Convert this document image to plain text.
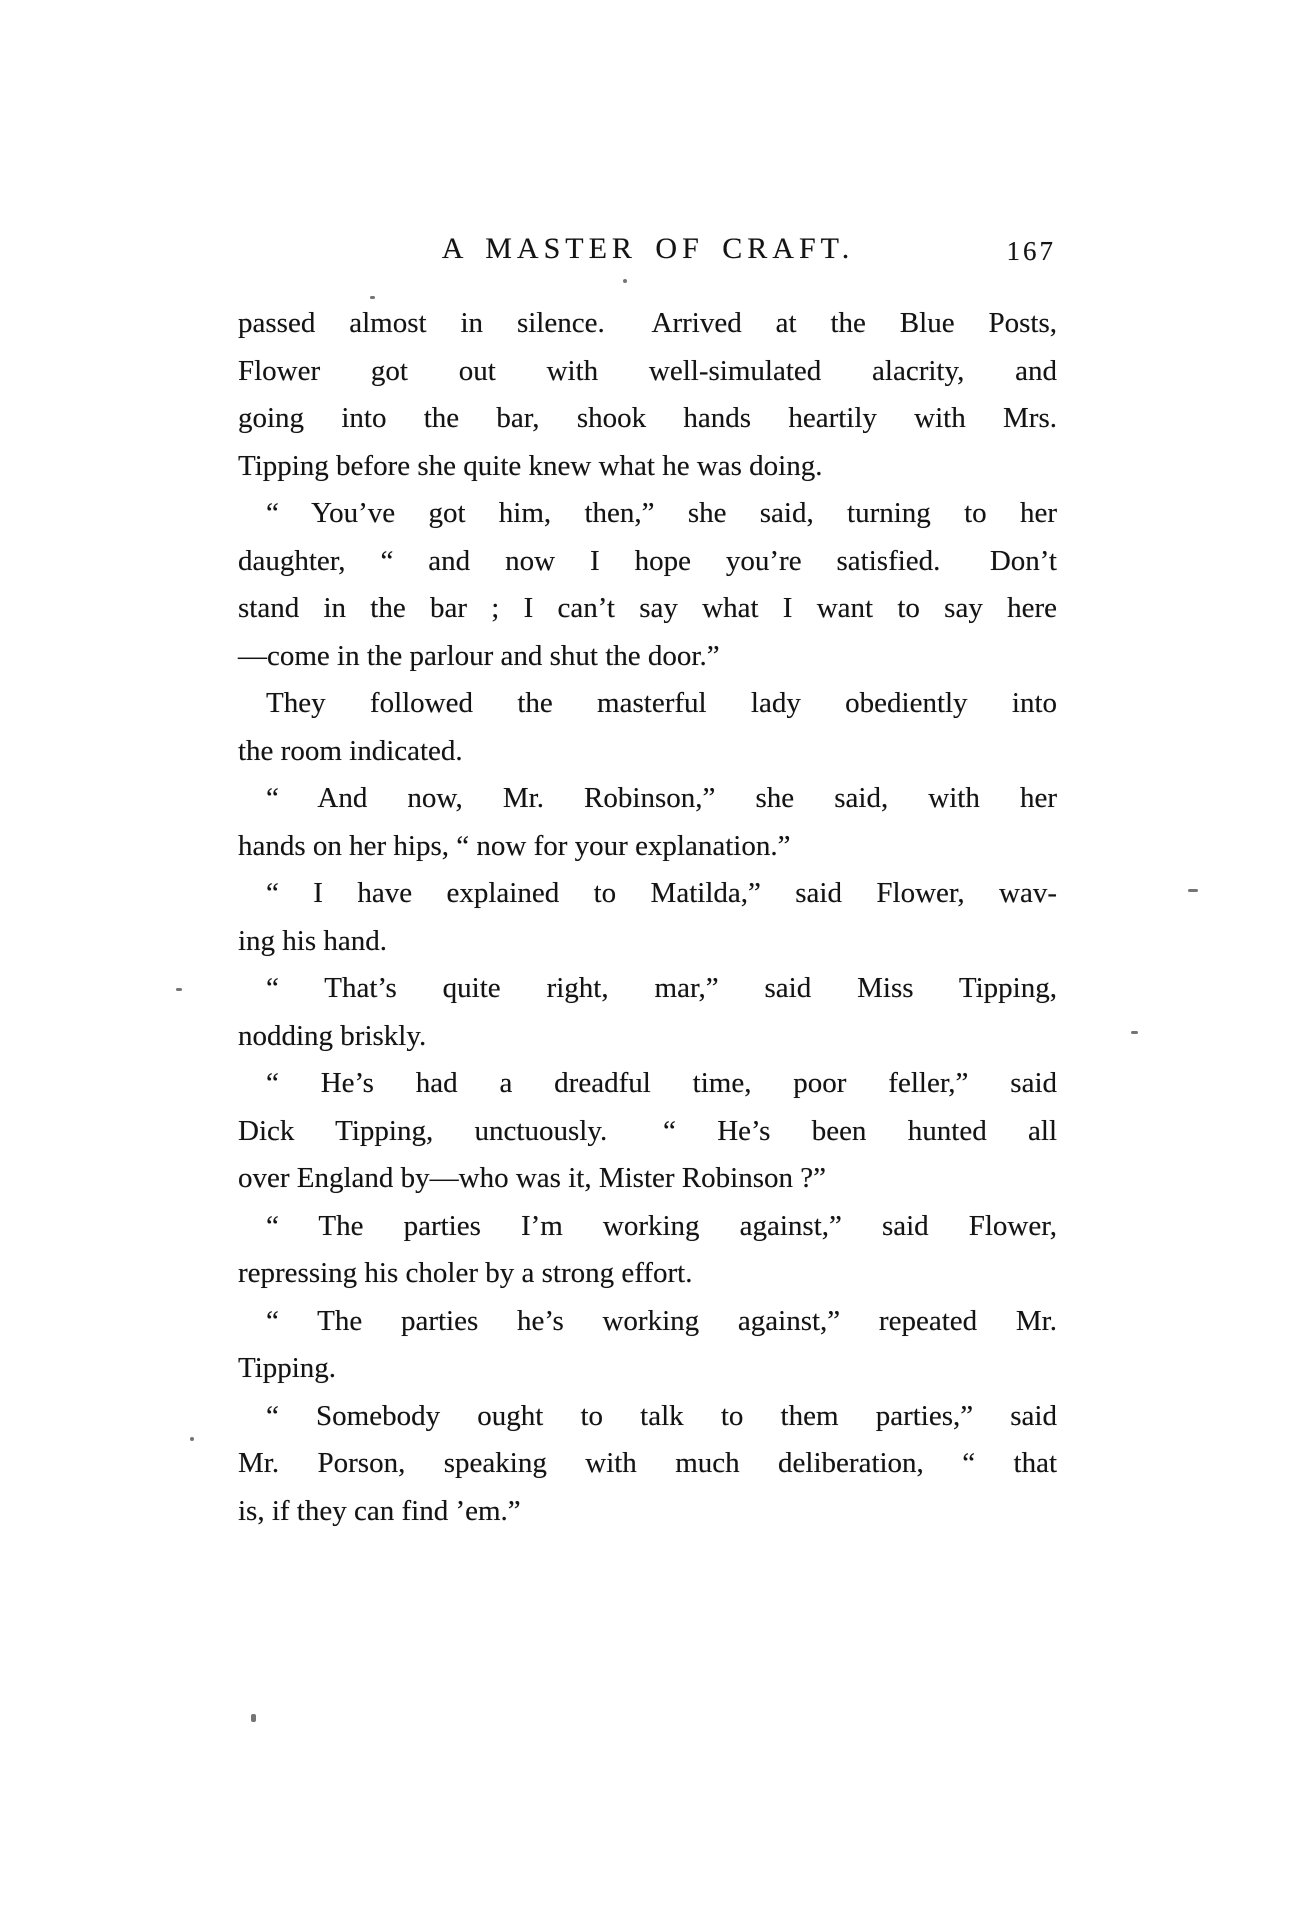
A MASTER OF CRAFT.	167
passed almost in silence.  Arrived at the Blue Posts,
Flower got out with well-simulated alacrity, and
going into the bar, shook hands heartily with Mrs.
Tipping before she quite knew what he was doing.
“ You’ve got him, then,” she said, turning to her
daughter, “ and now I hope you’re satisfied.  Don’t
stand in the bar ; I can’t say what I want to say here
—come in the parlour and shut the door.”
They followed the masterful lady obediently into
the room indicated.
“ And now, Mr. Robinson,” she said, with her
hands on her hips, “ now for your explanation.”
“ I have explained to Matilda,” said Flower, wav-
ing his hand.
“ That’s quite right, mar,” said Miss Tipping,
nodding briskly.
“ He’s had a dreadful time, poor feller,” said
Dick Tipping, unctuously.  “ He’s been hunted all
over England by—who was it, Mister Robinson ?”
“ The parties I’m working against,” said Flower,
repressing his choler by a strong effort.
“ The parties he’s working against,” repeated Mr.
Tipping.
“ Somebody ought to talk to them parties,” said
Mr. Porson, speaking with much deliberation, “ that
is, if they can find ’em.”
